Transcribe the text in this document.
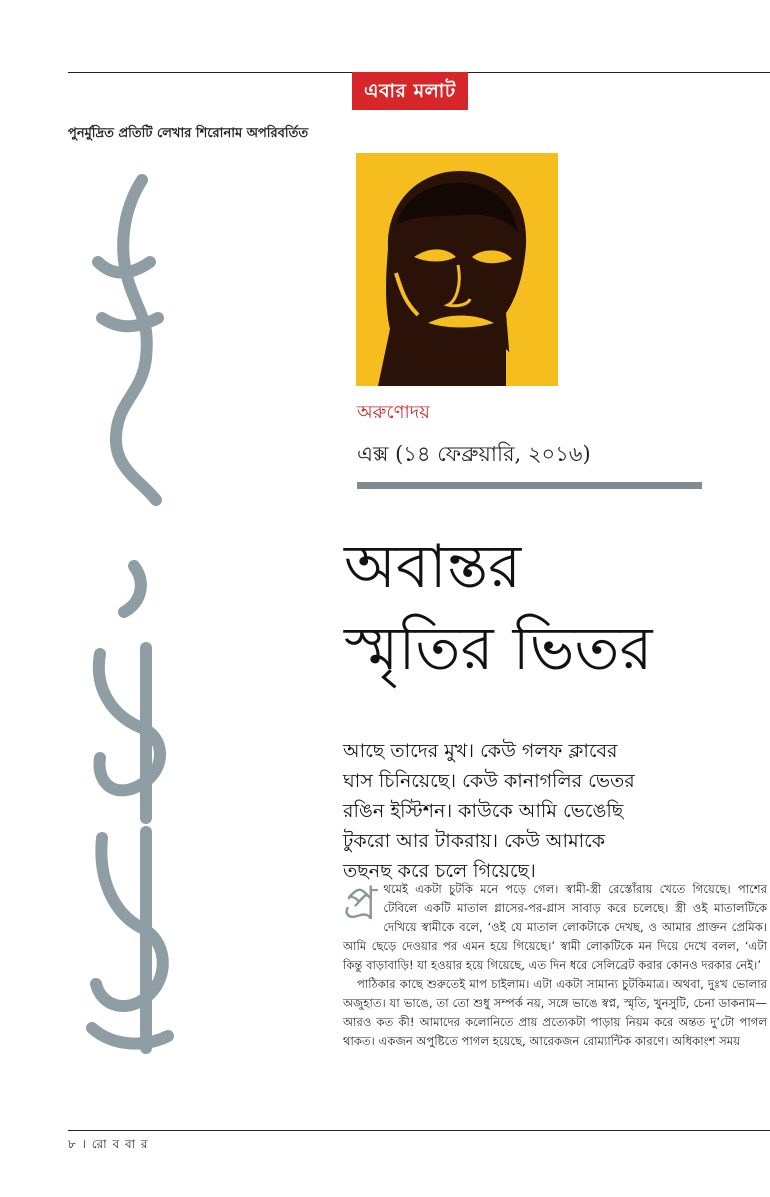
এবার মলাট
পুনর্মুদ্রিত প্রতিটি লেখার শিরোনাম অপরিবর্তিত
অরুণোদয়
এক্স (১৪ ফেব্রুয়ারি, ২০১৬)
অবান্তর
স্মৃতির ভিতর
আছে তাদের মুখ। কেউ গলফ ক্লাবের
ঘাস চিনিয়েছে। কেউ কানাগলির ভেতর
রঙিন ইস্টিশন। কাউকে আমি ভেঙেছি
টুকরো আর টাকরায়। কেউ আমাকে
তছনছ করে চলে গিয়েছে।

প্র থমেই একটা চুটকি মনে পড়ে গেল। স্বামী-স্ত্রী রেস্তোঁরায় খেতে গিয়েছে। পাশের টেবিলে একটি মাতাল গ্লাসের-পর-গ্লাস সাবাড় করে চলেছে। স্ত্রী ওই মাতালটিকে দেখিয়ে স্বামীকে বলে, ‘ওই যে মাতাল লোকটাকে দেখছ, ও আমার প্রাক্তন প্রেমিক। আমি ছেড়ে দেওয়ার পর এমন হয়ে গিয়েছে।’ স্বামী লোকটিকে মন দিয়ে দেখে বলল, ‘এটা কিন্তু বাড়াবাড়ি! যা হওয়ার হয়ে গিয়েছে, এত দিন ধরে সেলিব্রেট করার কোনও দরকার নেই।’

পাঠিকার কাছে শুরুতেই মাপ চাইলাম। এটা একটা সামান্য চুটকিমাত্র। অথবা, দুঃখ ভোলার অজুহাত। যা ভাঙে, তা তো শুধু সম্পর্ক নয়, সঙ্গে ভাঙে স্বপ্ন, স্মৃতি, খুনসুটি, চেনা ডাকনাম— আরও কত কী! আমাদের কলোনিতে প্রায় প্রত্যেকটা পাড়ায় নিয়ম করে অন্তত দু’টো পাগল থাকত। একজন অপুষ্টিতে পাগল হয়েছে, আরেকজন রোম্যান্টিক কারণে। অধিকাংশ সময়

৮ । রো ব বা র
